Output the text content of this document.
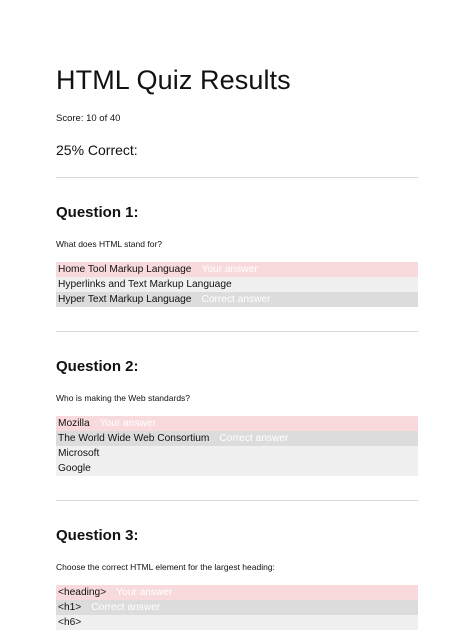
HTML Quiz Results
Score: 10 of 40
25% Correct:
Question 1:
What does HTML stand for?
Home Tool Markup Language Your answer
Hyperlinks and Text Markup Language
Hyper Text Markup Language Correct answer
Question 2:
Who is making the Web standards?
Mozilla Your answer
The World Wide Web Consortium Correct answer
Microsoft
Google
Question 3:
Choose the correct HTML element for the largest heading:
<heading> Your answer
<h1> Correct answer
<h6>
